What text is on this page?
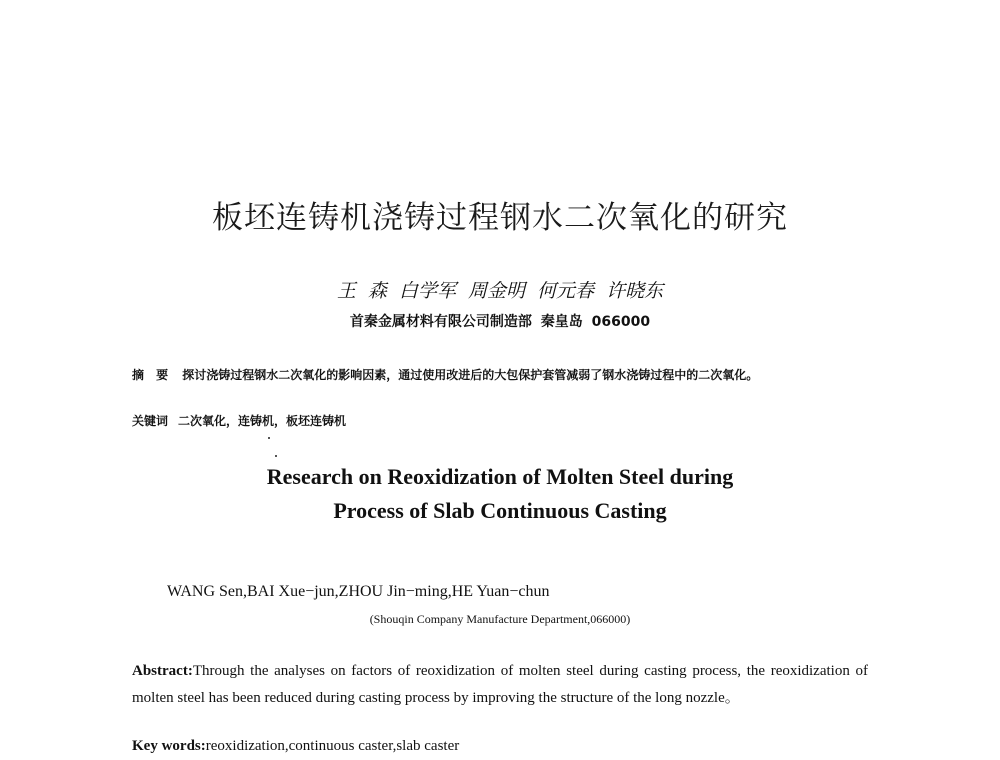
板坯连铸机浇铸过程钢水二次氧化的研究
王 森 白学军 周金明 何元春 许晓东
首秦金属材料有限公司制造部 秦皇岛 066000
摘 要 探讨浇铸过程钢水二次氧化的影响因素，通过使用改进后的大包保护套管减弱了钢水浇铸过程中的二次氧化。
关键词 二次氧化，连铸机，板坯连铸机
Research on Reoxidization of Molten Steel during
Process of Slab Continuous Casting
WANG Sen,BAI Xue−jun,ZHOU Jin−ming,HE Yuan−chun
(Shouqin Company Manufacture Department,066000)
Abstract:Through the analyses on factors of reoxidization of molten steel during casting process, the reoxidization of molten steel has been reduced during casting process by improving the structure of the long nozzle。
Key words:reoxidization,continuous caster,slab caster
